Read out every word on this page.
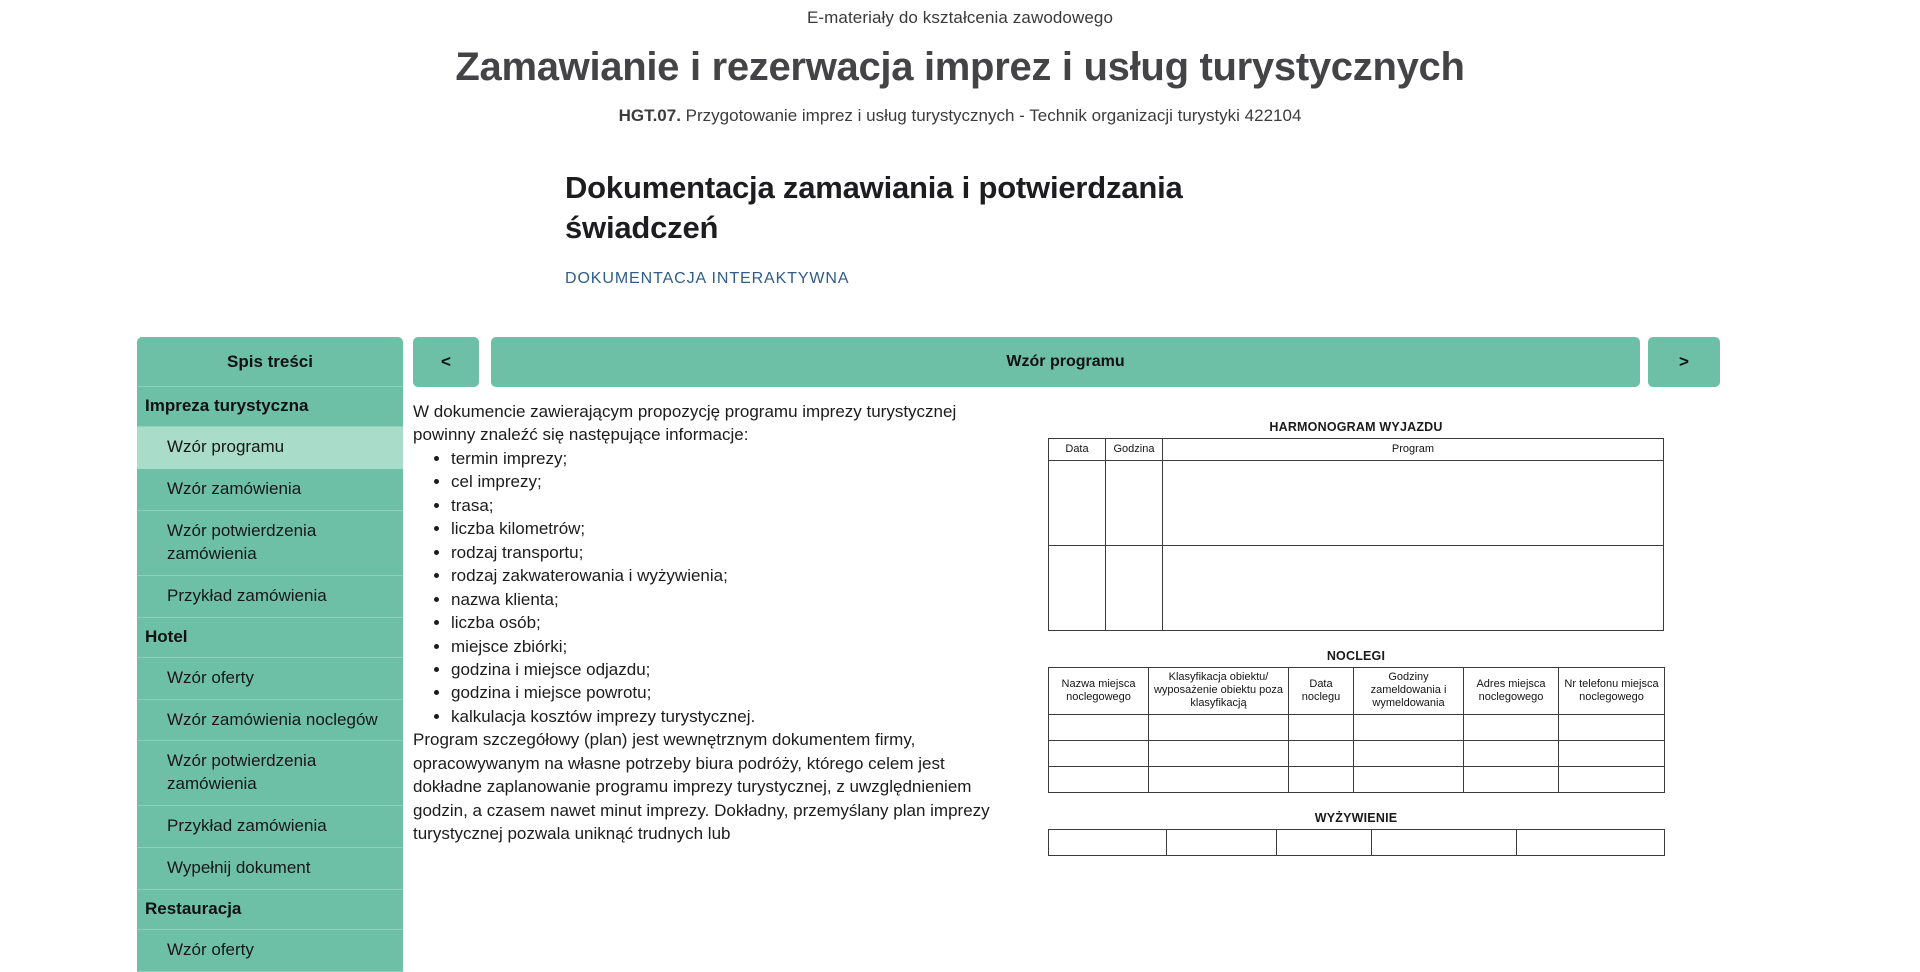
E-materiały do kształcenia zawodowego
Zamawianie i rezerwacja imprez i usług turystycznych
HGT.07. Przygotowanie imprez i usług turystycznych - Technik organizacji turystyki 422104
Dokumentacja zamawiania i potwierdzania świadczeń
DOKUMENTACJA INTERAKTYWNA
Spis treści
Impreza turystyczna
Wzór programu
Wzór zamówienia
Wzór potwierdzenia zamówienia
Przykład zamówienia
Hotel
Wzór oferty
Wzór zamówienia noclegów
Wzór potwierdzenia zamówienia
Przykład zamówienia
Wypełnij dokument
Restauracja
Wzór oferty
<	Wzór programu	>

W dokumencie zawierającym propozycję programu imprezy turystycznej powinny znaleźć się następujące informacje:

• termin imprezy;
• cel imprezy;
• trasa;
• liczba kilometrów;
• rodzaj transportu;
• rodzaj zakwaterowania i wyżywienia;
• nazwa klienta;
• liczba osób;
• miejsce zbiórki;
• godzina i miejsce odjazdu;
• godzina i miejsce powrotu;
• kalkulacja kosztów imprezy turystycznej.

Program szczegółowy (plan) jest wewnętrznym dokumentem firmy, opracowywanym na własne potrzeby biura podróży, którego celem jest dokładne zaplanowanie programu imprezy turystycznej, z uwzględnieniem godzin, a czasem nawet minut imprezy. Dokładny, przemyślany plan imprezy turystycznej pozwala uniknąć trudnych lub

HARMONOGRAM WYJAZDU
Data	Godzina	Program

NOCLEGI
Nazwa miejsca noclegowego	Klasyfikacja obiektu/ wyposażenie obiektu poza klasyfikacją	Data noclegu	Godziny zameldowania i wymeldowania	Adres miejsca noclegowego	Nr telefonu miejsca noclegowego

WYŻYWIENIE
